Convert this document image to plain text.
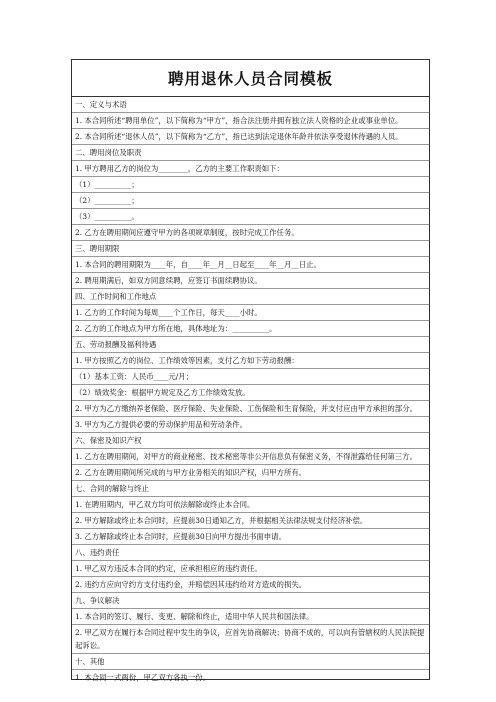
聘用退休人员合同模板
一、定义与术语
1. 本合同所述“聘用单位”，以下简称为“甲方”，指合法注册并拥有独立法人资格的企业或事业单位。
2. 本合同所述“退休人员”，以下简称为“乙方”，指已达到法定退休年龄并依法享受退休待遇的人员。
二、聘用岗位及职责
1. 甲方聘用乙方的岗位为________，乙方的主要工作职责如下：
（1）__________；
（2）__________；
（3）__________。
2. 乙方在聘用期间应遵守甲方的各项规章制度，按时完成工作任务。
三、聘用期限
1. 本合同的聘用期限为____年，自____年__月__日起至____年__月__日止。
2. 聘用期满后，如双方同意续聘，应签订书面续聘协议。
四、工作时间和工作地点
1. 乙方的工作时间为每周____个工作日，每天____小时。
2. 乙方的工作地点为甲方所在地，具体地址为：__________。
五、劳动报酬及福利待遇
1. 甲方按照乙方的岗位、工作绩效等因素，支付乙方如下劳动报酬：
（1）基本工资：人民币____元/月；
（2）绩效奖金：根据甲方规定及乙方工作绩效发放。
2. 甲方为乙方缴纳养老保险、医疗保险、失业保险、工伤保险和生育保险，并支付应由甲方承担的部分。
3. 甲方为乙方提供必要的劳动保护用品和劳动条件。
六、保密及知识产权
1. 乙方在聘用期间，对甲方的商业秘密、技术秘密等非公开信息负有保密义务，不得泄露给任何第三方。
2. 乙方在聘用期间所完成的与甲方业务相关的知识产权，归甲方所有。
七、合同的解除与终止
1. 在聘用期内，甲乙双方均可依法解除或终止本合同。
2. 甲方解除或终止本合同时，应提前30日通知乙方，并根据相关法律法规支付经济补偿。
3. 乙方解除或终止本合同时，应提前30日向甲方提出书面申请。
八、违约责任
1. 甲乙双方违反本合同的约定，应承担相应的违约责任。
2. 违约方应向守约方支付违约金，并赔偿因其违约给对方造成的损失。
九、争议解决
1. 本合同的签订、履行、变更、解除和终止，适用中华人民共和国法律。
2. 甲乙双方在履行本合同过程中发生的争议，应首先协商解决；协商不成的，可以向有管辖权的人民法院提起诉讼。
十、其他
1. 本合同一式两份，甲乙双方各执一份。
